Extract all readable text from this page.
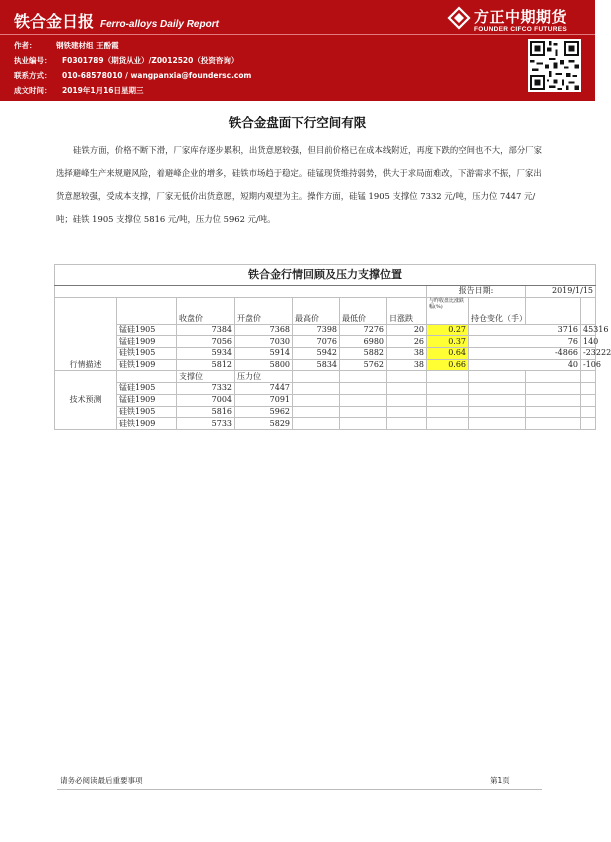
铁合金日报 Ferro-alloys Daily Report	方正中期期货
FOUNDER CIFCO FUTURES
作者：	钢铁建材组 王酚霞
执业编号： F0301789（期货从业）/Z0012520（投资咨询）
联系方式： 010-68578010 / wangpanxia@foundersc.com
成文时间： 2019年1月16日星期三
铁合金盘面下行空间有限

硅铁方面，价格不断下滑，厂家库存逐步累积，出货意愿较强，但目前价格已在成本线附近，再度下跌的空间也不大，部分厂家选择避峰生产来规避风险，着避峰企业的增多，硅铁市场趋于稳定。硅锰现货维持弱势，供大于求局面难改，下游需求不振，厂家出货意愿较强，受成本支撑，厂家无低价出货意愿，短期内观望为主。操作方面，硅锰 1905 支撑位 7332 元/吨，压力位 7447 元/吨；硅铁 1905 支撑位 5816 元/吨，压力位 5962 元/吨。

铁合金行情回顾及压力支撑位置										
							报告日期:		2019/1/15	
行情描述		收盘价	开盘价	最高价	最低价	日涨跌	与昨收盘比涨跌幅(%)	持仓变化（手）		
	锰硅1905	7384	7368	7398	7276	20	0.27	3716		45316
	锰硅1909	7056	7030	7076	6980	26	0.37	76		140
	硅铁1905	5934	5914	5942	5882	38	0.64	-4866		-23222
	硅铁1909	5812	5800	5834	5762	38	0.66	40		-106
技术预测		支撑位	压力位							
	锰硅1905	7332	7447							
	锰硅1909	7004	7091							
	硅铁1905	5816	5962							
	硅铁1909	5733	5829							
请务必阅读最后重要事项	第1页
